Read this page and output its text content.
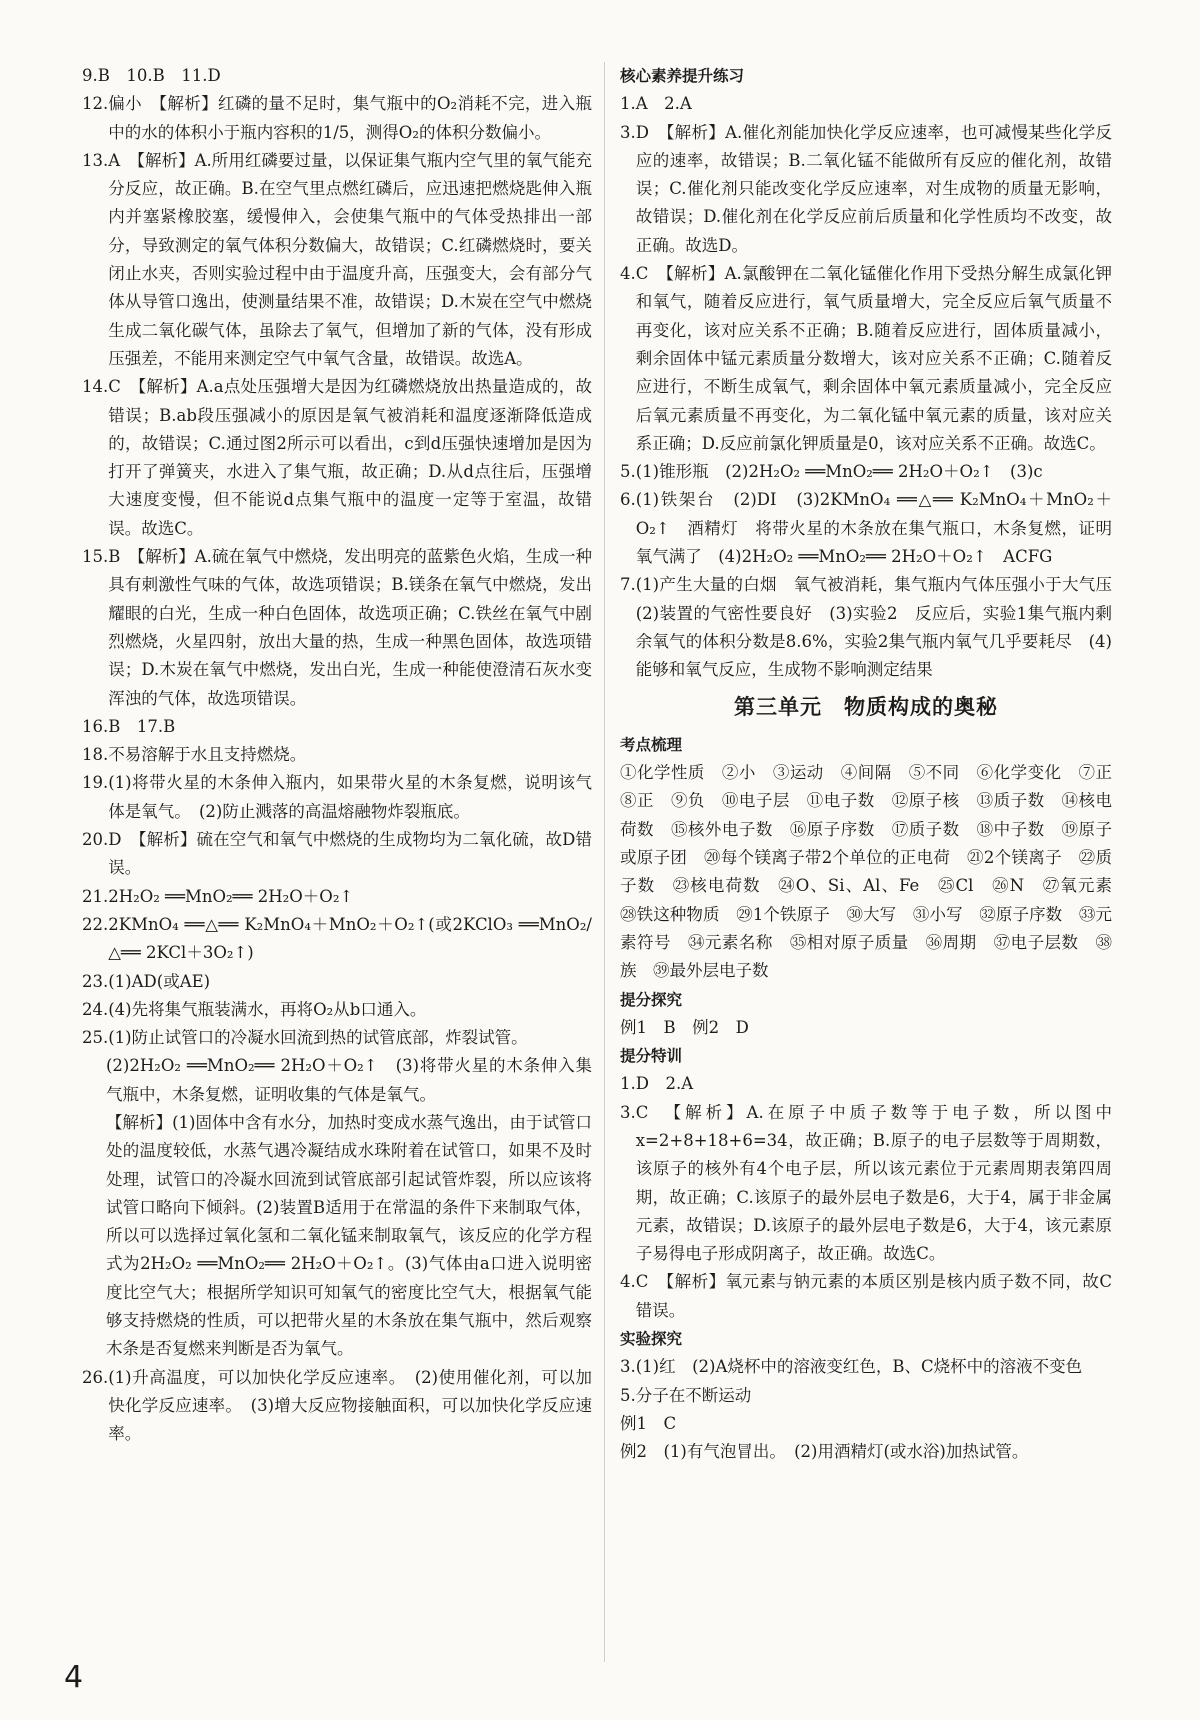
9.B　10.B　11.D
12. 偏小　【解析】红磷的量不足时，集气瓶中的O₂消耗不完，进入瓶中的水的体积小于瓶内容积的1/5，测得O₂的体积分数偏小。
13. A　【解析】A.所用红磷要过量，以保证集气瓶内空气里的氧气能充分反应，故正确。B.在空气里点燃红磷后，应迅速把燃烧匙伸入瓶内并塞紧橡胶塞，缓慢伸入，会使集气瓶中的气体受热排出一部分，导致测定的氧气体积分数偏大，故错误；C.红磷燃烧时，要关闭止水夹，否则实验过程中由于温度升高，压强变大，会有部分气体从导管口逸出，使测量结果不准，故错误；D.木炭在空气中燃烧生成二氧化碳气体，虽除去了氧气，但增加了新的气体，没有形成压强差，不能用来测定空气中氧气含量，故错误。故选A。
14. C　【解析】A.a点处压强增大是因为红磷燃烧放出热量造成的，故错误；B.ab段压强减小的原因是氧气被消耗和温度逐渐降低造成的，故错误；C.通过图2所示可以看出，c到d压强快速增加是因为打开了弹簧夹，水进入了集气瓶，故正确；D.从d点往后，压强增大速度变慢，但不能说d点集气瓶中的温度一定等于室温，故错误。故选C。
15. B　【解析】A.硫在氧气中燃烧，发出明亮的蓝紫色火焰，生成一种具有刺激性气味的气体，故选项错误；B.镁条在氧气中燃烧，发出耀眼的白光，生成一种白色固体，故选项正确；C.铁丝在氧气中剧烈燃烧，火星四射，放出大量的热，生成一种黑色固体，故选项错误；D.木炭在氧气中燃烧，发出白光，生成一种能使澄清石灰水变浑浊的气体，故选项错误。
16.B　17.B
18. 不易溶解于水且支持燃烧。
19. (1)将带火星的木条伸入瓶内，如果带火星的木条复燃，说明该气体是氧气。　(2)防止溅落的高温熔融物炸裂瓶底。
20. D　【解析】硫在空气和氧气中燃烧的生成物均为二氧化硫，故D错误。
21. 2H₂O₂ ══MnO₂══ 2H₂O＋O₂↑
22. 2KMnO₄ ══△══ K₂MnO₄＋MnO₂＋O₂↑(或2KClO₃ ══MnO₂/△══ 2KCl＋3O₂↑)
23. (1)AD(或AE)
24. (4)先将集气瓶装满水，再将O₂从b口通入。
25. (1)防止试管口的冷凝水回流到热的试管底部，炸裂试管。
(2)2H₂O₂ ══MnO₂══ 2H₂O＋O₂↑　(3)将带火星的木条伸入集气瓶中，木条复燃，证明收集的气体是氧气。
【解析】(1)固体中含有水分，加热时变成水蒸气逸出，由于试管口处的温度较低，水蒸气遇冷凝结成水珠附着在试管口，如果不及时处理，试管口的冷凝水回流到试管底部引起试管炸裂，所以应该将试管口略向下倾斜。(2)装置B适用于在常温的条件下来制取气体，所以可以选择过氧化氢和二氧化锰来制取氧气，该反应的化学方程式为2H₂O₂ ══MnO₂══ 2H₂O＋O₂↑。(3)气体由a口进入说明密度比空气大；根据所学知识可知氧气的密度比空气大，根据氧气能够支持燃烧的性质，可以把带火星的木条放在集气瓶中，然后观察木条是否复燃来判断是否为氧气。
26. (1)升高温度，可以加快化学反应速率。　(2)使用催化剂，可以加快化学反应速率。　(3)增大反应物接触面积，可以加快化学反应速率。
核心素养提升练习
1.A　2.A
3. D　【解析】A.催化剂能加快化学反应速率，也可减慢某些化学反应的速率，故错误；B.二氧化锰不能做所有反应的催化剂，故错误；C.催化剂只能改变化学反应速率，对生成物的质量无影响，故错误；D.催化剂在化学反应前后质量和化学性质均不改变，故正确。故选D。
4. C　【解析】A.氯酸钾在二氧化锰催化作用下受热分解生成氯化钾和氧气，随着反应进行，氧气质量增大，完全反应后氧气质量不再变化，该对应关系不正确；B.随着反应进行，固体质量减小，剩余固体中锰元素质量分数增大，该对应关系不正确；C.随着反应进行，不断生成氧气，剩余固体中氧元素质量减小，完全反应后氧元素质量不再变化，为二氧化锰中氧元素的质量，该对应关系正确；D.反应前氯化钾质量是0，该对应关系不正确。故选C。
5. (1)锥形瓶　(2)2H₂O₂ ══MnO₂══ 2H₂O＋O₂↑　(3)c
6. (1)铁架台　(2)DI　(3)2KMnO₄ ══△══ K₂MnO₄＋MnO₂＋O₂↑　酒精灯　将带火星的木条放在集气瓶口，木条复燃，证明氧气满了　(4)2H₂O₂ ══MnO₂══ 2H₂O＋O₂↑　ACFG
7. (1)产生大量的白烟　氧气被消耗，集气瓶内气体压强小于大气压　(2)装置的气密性要良好　(3)实验2　反应后，实验1集气瓶内剩余氧气的体积分数是8.6%，实验2集气瓶内氧气几乎要耗尽　(4)能够和氧气反应，生成物不影响测定结果
第三单元　物质构成的奥秘
考点梳理
①化学性质　②小　③运动　④间隔　⑤不同　⑥化学变化　⑦正　⑧正　⑨负　⑩电子层　⑪电子数　⑫原子核　⑬质子数　⑭核电荷数　⑮核外电子数　⑯原子序数　⑰质子数　⑱中子数　⑲原子或原子团　⑳每个镁离子带2个单位的正电荷　㉑2个镁离子　㉒质子数　㉓核电荷数　㉔O、Si、Al、Fe　㉕Cl　㉖N　㉗氧元素　㉘铁这种物质　㉙1个铁原子　㉚大写　㉛小写　㉜原子序数　㉝元素符号　㉞元素名称　㉟相对原子质量　㊱周期　㊲电子层数　㊳族　㊴最外层电子数
提分探究
例1　B　例2　D
提分特训
1.D　2.A
3. C　【解析】A.在原子中质子数等于电子数，所以图中x=2+8+18+6=34，故正确；B.原子的电子层数等于周期数，该原子的核外有4个电子层，所以该元素位于元素周期表第四周期，故正确；C.该原子的最外层电子数是6，大于4，属于非金属元素，故错误；D.该原子的最外层电子数是6，大于4，该元素原子易得电子形成阴离子，故正确。故选C。
4. C　【解析】氧元素与钠元素的本质区别是核内质子数不同，故C错误。
实验探究
3. (1)红　(2)A烧杯中的溶液变红色，B、C烧杯中的溶液不变色
5. 分子在不断运动
例1　C
例2　(1)有气泡冒出。　(2)用酒精灯(或水浴)加热试管。
4
